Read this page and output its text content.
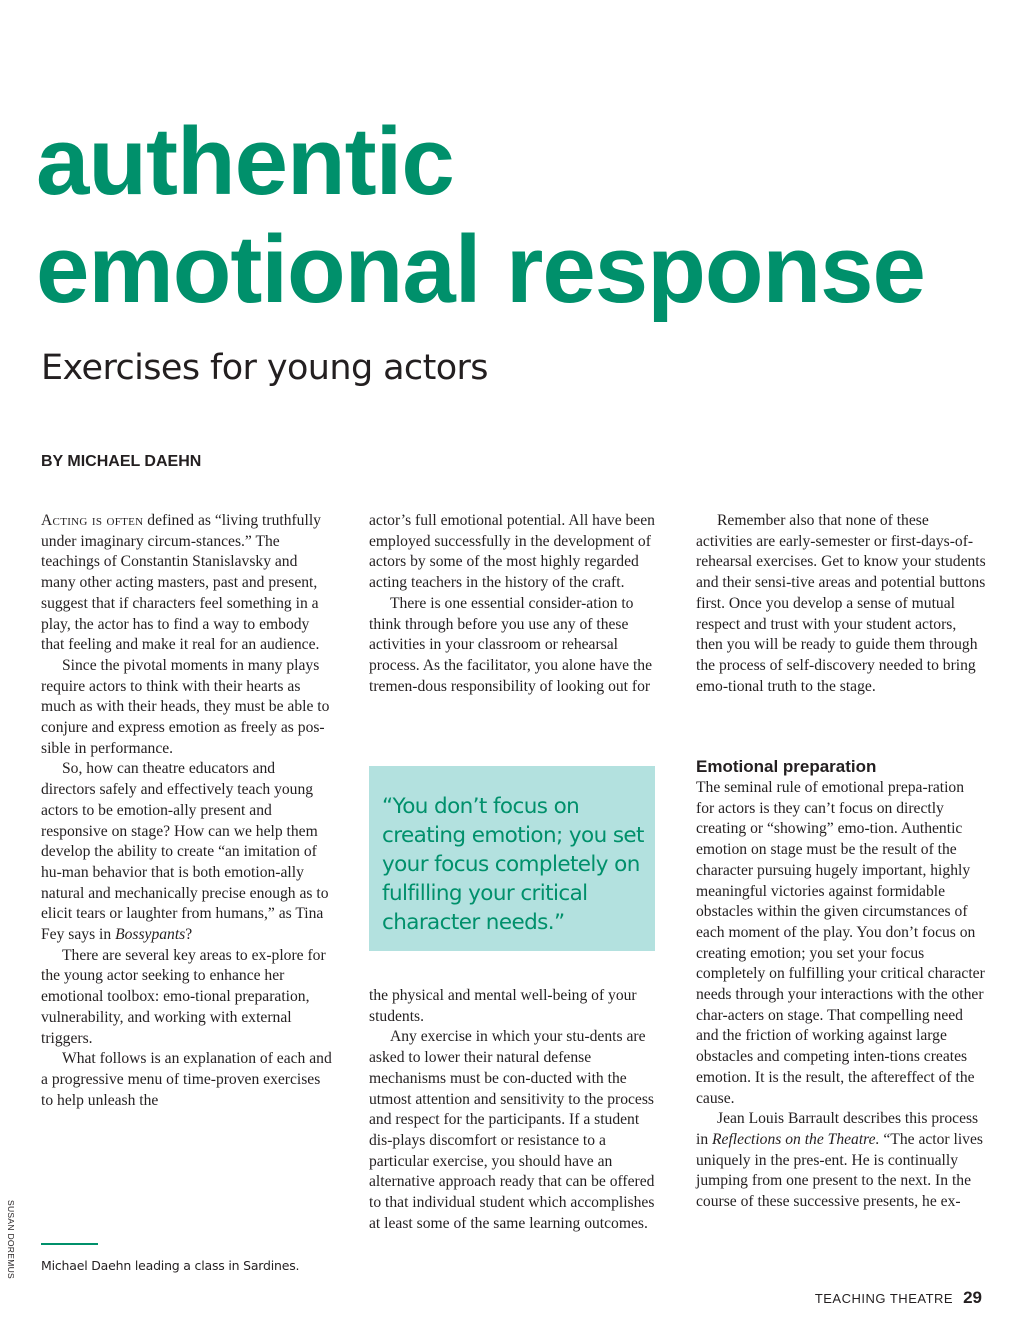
authentic
emotional response
Exercises for young actors
BY MICHAEL DAEHN

Acting is often defined as “living truthfully under imaginary circum-stances.” The teachings of Constantin Stanislavsky and many other acting masters, past and present, suggest that if characters feel something in a play, the actor has to find a way to embody that feeling and make it real for an audience.

Since the pivotal moments in many plays require actors to think with their hearts as much as with their heads, they must be able to conjure and express emotion as freely as pos-sible in performance.

So, how can theatre educators and directors safely and effectively teach young actors to be emotion-ally present and responsive on stage? How can we help them develop the ability to create “an imitation of hu-man behavior that is both emotion-ally natural and mechanically precise enough as to elicit tears or laughter from humans,” as Tina Fey says in Bossypants?

There are several key areas to ex-plore for the young actor seeking to enhance her emotional toolbox: emo-tional preparation, vulnerability, and working with external triggers.

What follows is an explanation of each and a progressive menu of time-proven exercises to help unleash the

actor’s full emotional potential. All have been employed successfully in the development of actors by some of the most highly regarded acting teachers in the history of the craft.

There is one essential consider-ation to think through before you use any of these activities in your classroom or rehearsal process. As the facilitator, you alone have the tremen-dous responsibility of looking out for

“You don’t focus on creating emotion; you set your focus completely on fulfilling your critical character needs.”

the physical and mental well-being of your students.

Any exercise in which your stu-dents are asked to lower their natural defense mechanisms must be con-ducted with the utmost attention and sensitivity to the process and respect for the participants. If a student dis-plays discomfort or resistance to a particular exercise, you should have an alternative approach ready that can be offered to that individual student which accomplishes at least some of the same learning outcomes.

Remember also that none of these activities are early-semester or first-days-of-rehearsal exercises. Get to know your students and their sensi-tive areas and potential buttons first. Once you develop a sense of mutual respect and trust with your student actors, then you will be ready to guide them through the process of self-discovery needed to bring emo-tional truth to the stage.

Emotional preparation

The seminal rule of emotional prepa-ration for actors is they can’t focus on directly creating or “showing” emo-tion. Authentic emotion on stage must be the result of the character pursuing hugely important, highly meaningful victories against formidable obstacles within the given circumstances of each moment of the play. You don’t focus on creating emotion; you set your focus completely on fulfilling your critical character needs through your interactions with the other char-acters on stage. That compelling need and the friction of working against large obstacles and competing inten-tions creates emotion. It is the result, the aftereffect of the cause.

Jean Louis Barrault describes this process in Reflections on the Theatre. “The actor lives uniquely in the pres-ent. He is continually jumping from one present to the next. In the course of these successive presents, he ex-

SUSAN DOREMUS Michael Daehn leading a class in Sardines.

TEACHING THEATRE 29
